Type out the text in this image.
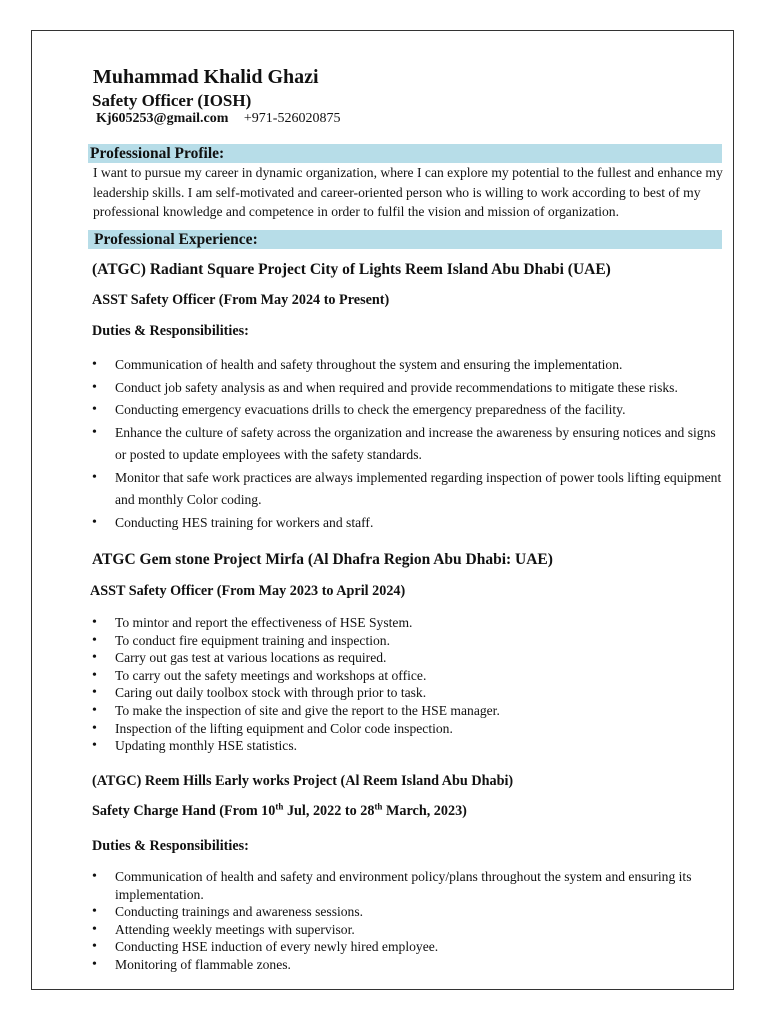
Muhammad Khalid Ghazi
Safety Officer (IOSH)
Kj605253@gmail.com +971-526020875
Professional Profile:
I want to pursue my career in dynamic organization, where I can explore my potential to the fullest and enhance my leadership skills. I am self-motivated and career-oriented person who is willing to work according to best of my professional knowledge and competence in order to fulfil the vision and mission of organization.
Professional Experience:
(ATGC) Radiant Square Project City of Lights Reem Island Abu Dhabi (UAE)
ASST Safety Officer (From May 2024 to Present)
Duties & Responsibilities:
• Communication of health and safety throughout the system and ensuring the implementation.
• Conduct job safety analysis as and when required and provide recommendations to mitigate these risks.
• Conducting emergency evacuations drills to check the emergency preparedness of the facility.
• Enhance the culture of safety across the organization and increase the awareness by ensuring notices and signs or posted to update employees with the safety standards.
• Monitor that safe work practices are always implemented regarding inspection of power tools lifting equipment and monthly Color coding.
• Conducting HES training for workers and staff.
ATGC Gem stone Project Mirfa (Al Dhafra Region Abu Dhabi: UAE)
ASST Safety Officer (From May 2023 to April 2024)
• To mintor and report the effectiveness of HSE System.
• To conduct fire equipment training and inspection.
• Carry out gas test at various locations as required.
• To carry out the safety meetings and workshops at office.
• Caring out daily toolbox stock with through prior to task.
• To make the inspection of site and give the report to the HSE manager.
• Inspection of the lifting equipment and Color code inspection.
• Updating monthly HSE statistics.
(ATGC) Reem Hills Early works Project (Al Reem Island Abu Dhabi)
Safety Charge Hand (From 10th Jul, 2022 to 28th March, 2023)
Duties & Responsibilities:
• Communication of health and safety and environment policy/plans throughout the system and ensuring its implementation.
• Conducting trainings and awareness sessions.
• Attending weekly meetings with supervisor.
• Conducting HSE induction of every newly hired employee.
• Monitoring of flammable zones.
